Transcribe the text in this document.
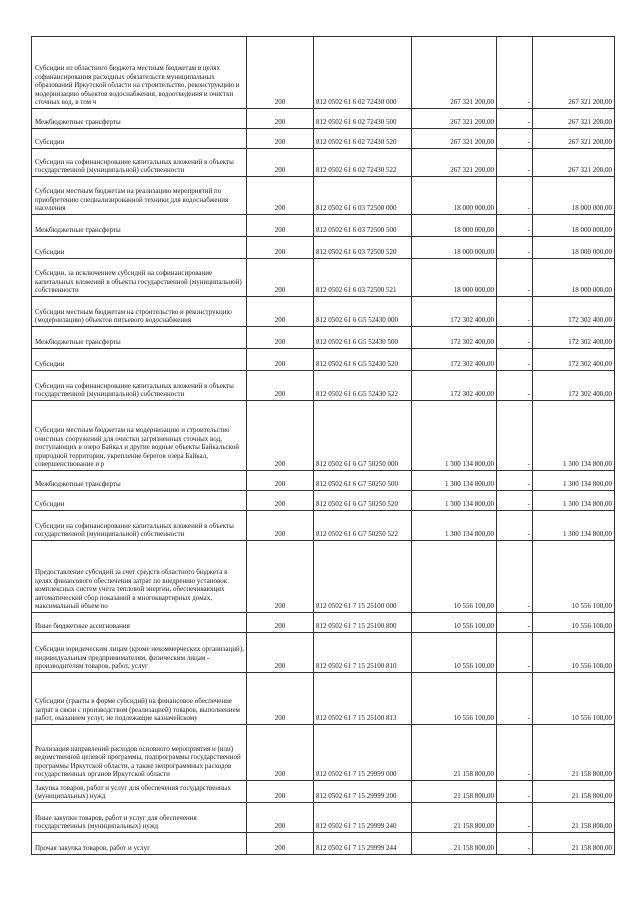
Субсидии из областного бюджета местным бюджетам в целях софинансирования расходных обязательств муниципальных образований Иркутской области на строительство, реконструкцию и модернизацию объектов водоснабжения, водоотведения и очистки сточных вод, в том ч	200	812 0502 61 6 02 72430 000	267 321 200,00	-	267 321 200,00
Межбюджетные трансферты	200	812 0502 61 6 02 72430 500	267 321 200,00	-	267 321 200,00
Субсидии	200	812 0502 61 6 02 72430 520	267 321 200,00	-	267 321 200,00
Субсидии на софинансирование капитальных вложений в объекты государственной (муниципальной) собственности	200	812 0502 61 6 02 72430 522	267 321 200,00	-	267 321 200,00
Субсидии местным бюджетам на реализацию мероприятий по приобретению специализированной техники для водоснабжения населения	200	812 0502 61 6 03 72500 000	18 000 000,00	-	18 000 000,00
Межбюджетные трансферты	200	812 0502 61 6 03 72500 500	18 000 000,00	-	18 000 000,00
Субсидии	200	812 0502 61 6 03 72500 520	18 000 000,00	-	18 000 000,00
Субсидии, за исключением субсидий на софинансирование капитальных вложений в объекты государственной (муниципальной) собственности	200	812 0502 61 6 03 72500 521	18 000 000,00	-	18 000 000,00
Субсидии местным бюджетам на строительство и реконструкцию (модернизацию) объектов питьевого водоснабжения	200	812 0502 61 6 G5 52430 000	172 302 400,00	-	172 302 400,00
Межбюджетные трансферты	200	812 0502 61 6 G5 52430 500	172 302 400,00	-	172 302 400,00
Субсидии	200	812 0502 61 6 G5 52430 520	172 302 400,00	-	172 302 400,00
Субсидии на софинансирование капитальных вложений в объекты государственной (муниципальной) собственности	200	812 0502 61 6 G5 52430 522	172 302 400,00	-	172 302 400,00
Субсидии местным бюджетам на модернизацию и строительство очистных сооружений для очистки загрязненных сточных вод, поступающих в озеро Байкал и другие водные объекты Байкальской природной территории, укрепление берегов озера Байкал, совершенствование и р	200	812 0502 61 6 G7 50250 000	1 300 134 800,00	-	1 300 134 800,00
Межбюджетные трансферты	200	812 0502 61 6 G7 50250 500	1 300 134 800,00	-	1 300 134 800,00
Субсидии	200	812 0502 61 6 G7 50250 520	1 300 134 800,00	-	1 300 134 800,00
Субсидии на софинансирование капитальных вложений в объекты государственной (муниципальной) собственности	200	812 0502 61 6 G7 50250 522	1 300 134 800,00	-	1 300 134 800,00
Предоставление субсидий за счет средств областного бюджета в целях финансового обеспечения затрат по внедрению установок комплексных систем учета тепловой энергии, обеспечивающих автоматический сбор показаний в многоквартирных домах, максимальный объем по	200	812 0502 61 7 15 25100 000	10 556 100,00	-	10 556 100,00
Иные бюджетные ассигнования	200	812 0502 61 7 15 25100 800	10 556 100,00	-	10 556 100,00
Субсидии юридическим лицам (кроме некоммерческих организаций), индивидуальным предпринимателям, физическим лицам - производителям товаров, работ, услуг	200	812 0502 61 7 15 25100 810	10 556 100,00	-	10 556 100,00
Субсидии (гранты в форме субсидий) на финансовое обеспечение затрат в связи с производством (реализацией) товаров, выполнением работ, оказанием услуг, не подлежащие казначейскому	200	812 0502 61 7 15 25100 813	10 556 100,00	-	10 556 100,00
Реализация направлений расходов основного мероприятия и (или) ведомственной целевой программы, подпрограммы государственной программы Иркутской области, а также непрограммных расходов государственных органов Иркутской области	200	812 0502 61 7 15 29999 000	21 158 800,00	-	21 158 800,00
Закупка товаров, работ и услуг для обеспечения государственных (муниципальных) нужд	200	812 0502 61 7 15 29999 200	21 158 800,00	-	21 158 800,00
Иные закупки товаров, работ и услуг для обеспечения государственных (муниципальных) нужд	200	812 0502 61 7 15 29999 240	21 158 800,00	-	21 158 800,00
Прочая закупка товаров, работ и услуг	200	812 0502 61 7 15 29999 244	21 158 800,00	-	21 158 800,00
